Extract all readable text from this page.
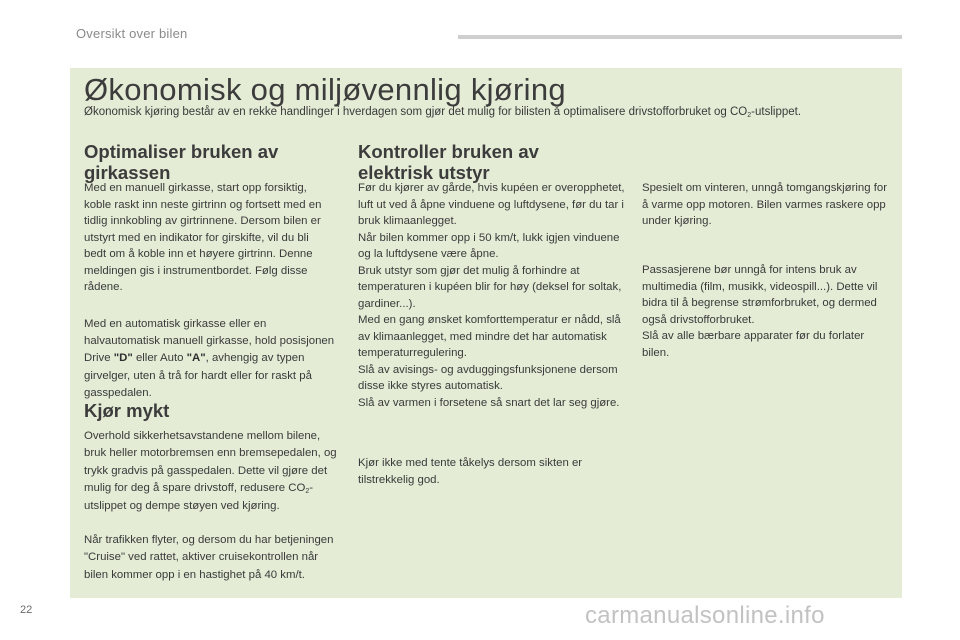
Oversikt over bilen
Økonomisk og miljøvennlig kjøring
Økonomisk kjøring består av en rekke handlinger i hverdagen som gjør det mulig for bilisten å optimalisere drivstofforbruket og $CO_2$-utslippet.
Optimaliser bruken av girkassen
Med en manuell girkasse, start opp forsiktig, koble raskt inn neste girtrinn og fortsett med en tidlig innkobling av girtrinnene. Dersom bilen er utstyrt med en indikator for girskifte, vil du bli bedt om å koble inn et høyere girtrinn. Denne meldingen gis i instrumentbordet. Følg disse rådene.
Med en automatisk girkasse eller en halvautomatisk manuell girkasse, hold posisjonen Drive "D" eller Auto "A", avhengig av typen girvelger, uten å trå for hardt eller for raskt på gasspedalen.
Kjør mykt
Overhold sikkerhetsavstandene mellom bilene, bruk heller motorbremsen enn bremsepedalen, og trykk gradvis på gasspedalen. Dette vil gjøre det mulig for deg å spare drivstoff, redusere $CO_2$-utslippet og dempe støyen ved kjøring.
Når trafikken flyter, og dersom du har betjeningen "Cruise" ved rattet, aktiver cruisekontrollen når bilen kommer opp i en hastighet på 40 km/t.
Kontroller bruken av elektrisk utstyr
Før du kjører av gårde, hvis kupéen er overopphetet, luft ut ved å åpne vinduene og luftdysene, før du tar i bruk klimaanlegget.
Når bilen kommer opp i 50 km/t, lukk igjen vinduene og la luftdysene være åpne.
Bruk utstyr som gjør det mulig å forhindre at temperaturen i kupéen blir for høy (deksel for soltak, gardiner...).
Med en gang ønsket komforttemperatur er nådd, slå av klimaanlegget, med mindre det har automatisk temperaturregulering.
Slå av avisings- og avduggingsfunksjonene dersom disse ikke styres automatisk.
Slå av varmen i forsetene så snart det lar seg gjøre.
Kjør ikke med tente tåkelys dersom sikten er tilstrekkelig god.
Spesielt om vinteren, unngå tomgangskjøring for å varme opp motoren. Bilen varmes raskere opp under kjøring.
Passasjerene bør unngå for intens bruk av multimedia (film, musikk, videospill...). Dette vil bidra til å begrense strømforbruket, og dermed også drivstofforbruket.
Slå av alle bærbare apparater før du forlater bilen.
22	carmanualsonline.info
